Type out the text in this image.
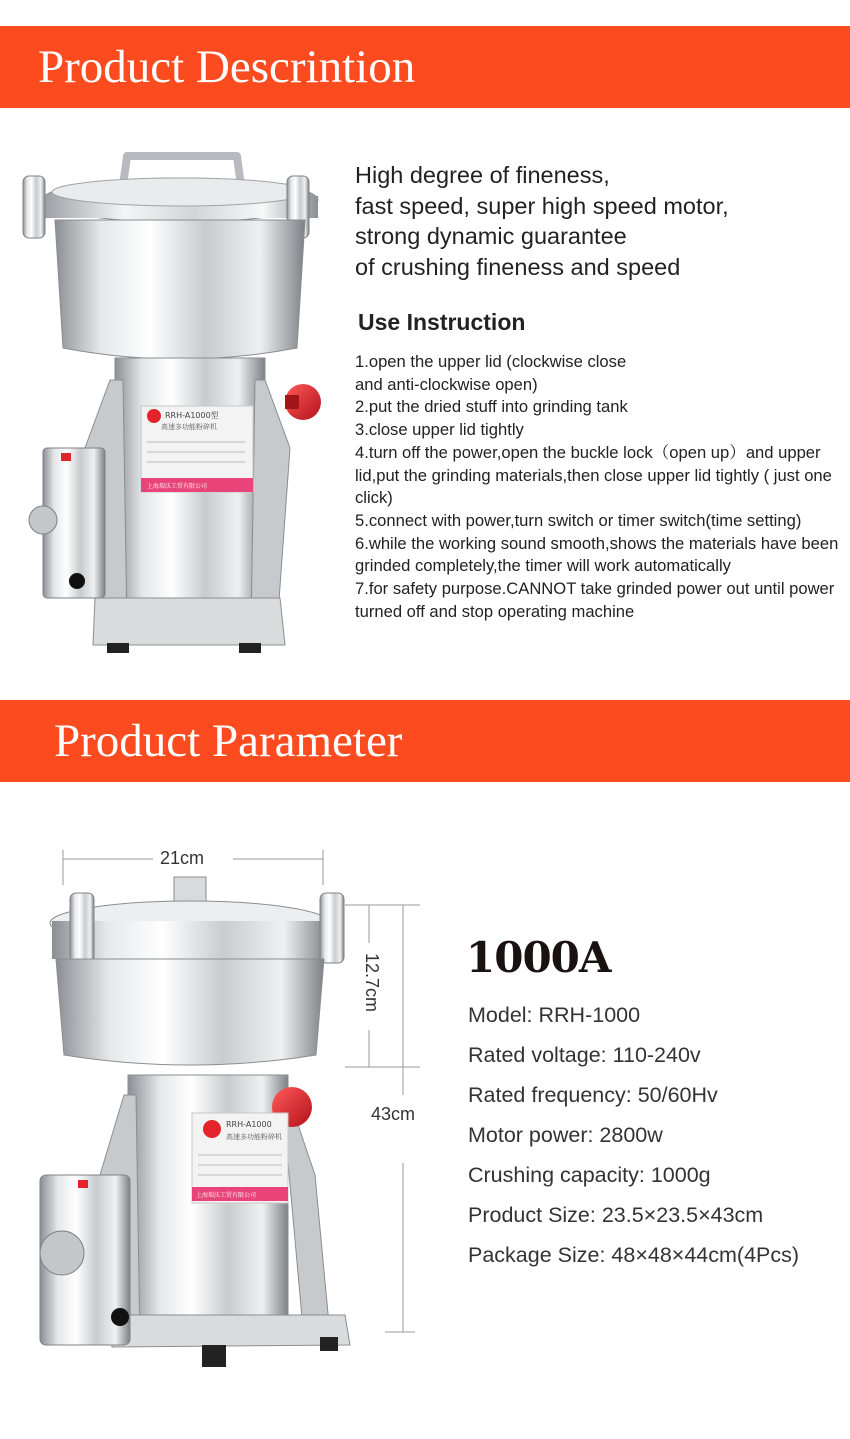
Product Descrintion
RRH-A1000型
高速多功能粉碎机
上海瑞沃工贸有限公司
High degree of fineness,
fast speed, super high speed motor,
strong dynamic guarantee
of crushing fineness and speed
Use Instruction
1.open the upper lid (clockwise close
and anti-clockwise open)
2.put the dried stuff into grinding tank
3.close upper lid tightly
4.turn off the power,open the buckle lock（open up）and upper lid,put the grinding materials,then close upper lid tightly ( just one click)
5.connect with power,turn switch or timer switch(time setting)
6.while the working sound smooth,shows the materials have been grinded completely,the timer will work automatically
7.for safety purpose.CANNOT take grinded power out until power turned off and stop operating machine
Product Parameter
21cm
12.7cm
43cm
RRH-A1000
高速多功能粉碎机
上海瑞沃工贸有限公司
1000A
Model: RRH-1000
Rated voltage: 110-240v
Rated frequency: 50/60Hv
Motor power: 2800w
Crushing capacity: 1000g
Product Size: 23.5×23.5×43cm
Package Size: 48×48×44cm(4Pcs)
